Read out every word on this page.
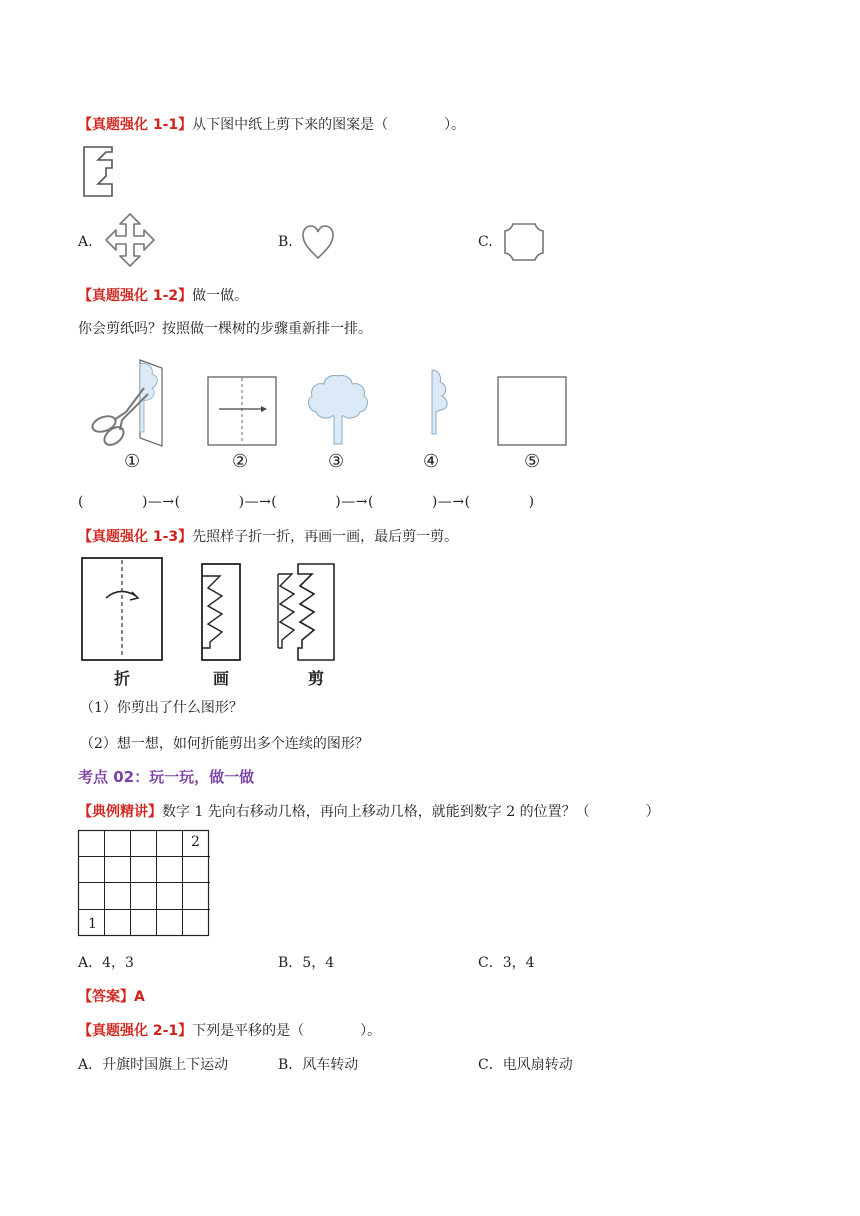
【真题强化 1-1】从下图中纸上剪下来的图案是（　　　　）。
A.	B.	C.
【真题强化 1-2】做一做。
你会剪纸吗？按照做一棵树的步骤重新排一排。
①	②	③	④	⑤
(　　　　)—→(　　　　)—→(　　　　)—→(　　　　)—→(　　　　)
【真题强化 1-3】先照样子折一折，再画一画，最后剪一剪。
折	画	剪
（1）你剪出了什么图形？
（2）想一想，如何折能剪出多个连续的图形？
考点 02：玩一玩，做一做
【典例精讲】数字 1 先向右移动几格，再向上移动几格，就能到数字 2 的位置？（　　　　）
2
1
A．4，3	B．5，4	C．3，4
【答案】A
【真题强化 2-1】下列是平移的是（　　　　）。
A．升旗时国旗上下运动	B．风车转动	C．电风扇转动
